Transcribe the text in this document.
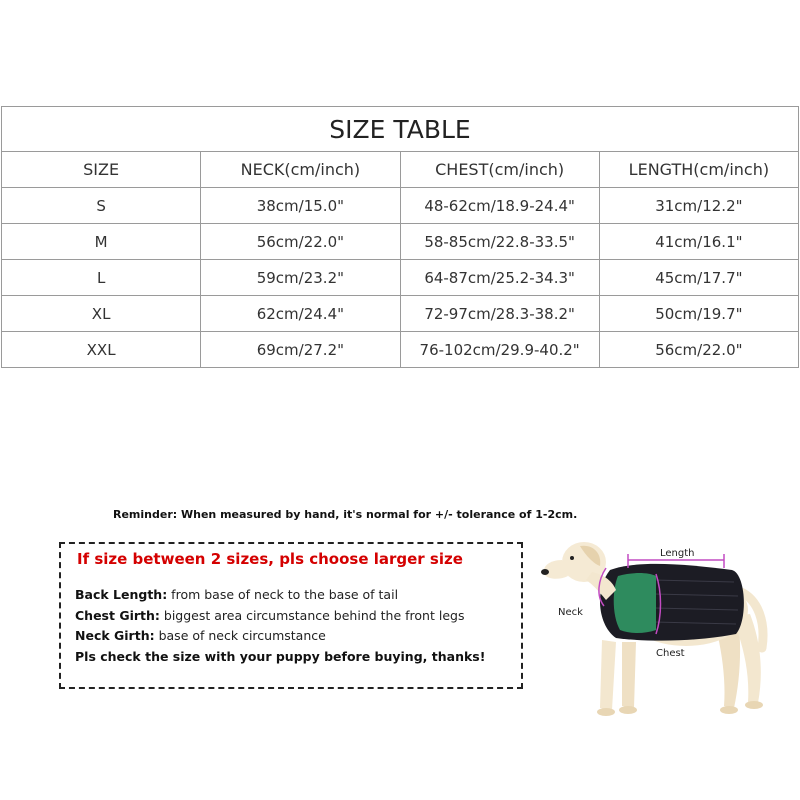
SIZE TABLE			
SIZE	NECK(cm/inch)	CHEST(cm/inch)	LENGTH(cm/inch)
S	38cm/15.0"	48-62cm/18.9-24.4"	31cm/12.2"
M	56cm/22.0"	58-85cm/22.8-33.5"	41cm/16.1"
L	59cm/23.2"	64-87cm/25.2-34.3"	45cm/17.7"
XL	62cm/24.4"	72-97cm/28.3-38.2"	50cm/19.7"
XXL	69cm/27.2"	76-102cm/29.9-40.2"	56cm/22.0"
Reminder: When measured by hand, it's normal for +/- tolerance of 1-2cm.
If size between 2 sizes, pls choose larger size
Back Length: from base of neck to the base of tail
Chest Girth: biggest area circumstance behind the front legs
Neck Girth: base of neck circumstance
Pls check the size with your puppy before buying, thanks!
Length
Neck
Chest
